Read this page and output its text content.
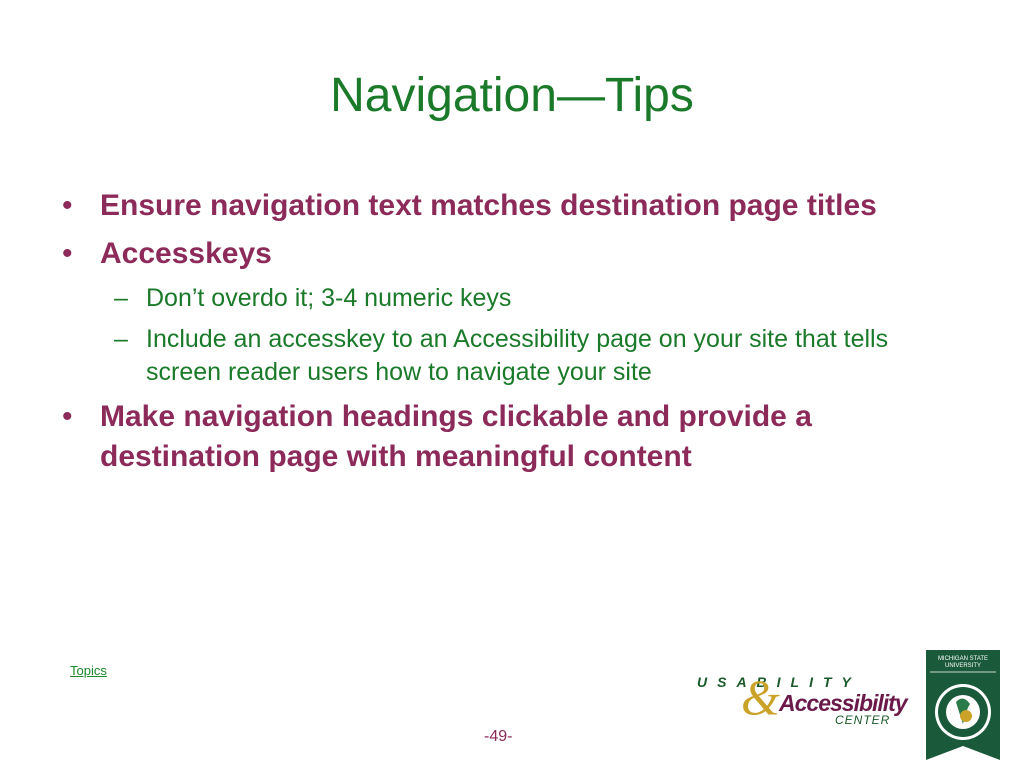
Navigation—Tips
• Ensure navigation text matches destination page titles
• Accesskeys
– Don’t overdo it; 3-4 numeric keys
– Include an accesskey to an Accessibility page on your site that tells screen reader users how to navigate your site
• Make navigation headings clickable and provide a destination page with meaningful content
Topics
-49-
USABILITY
& Accessibility
CENTER
MICHIGAN STATE
UNIVERSITY
